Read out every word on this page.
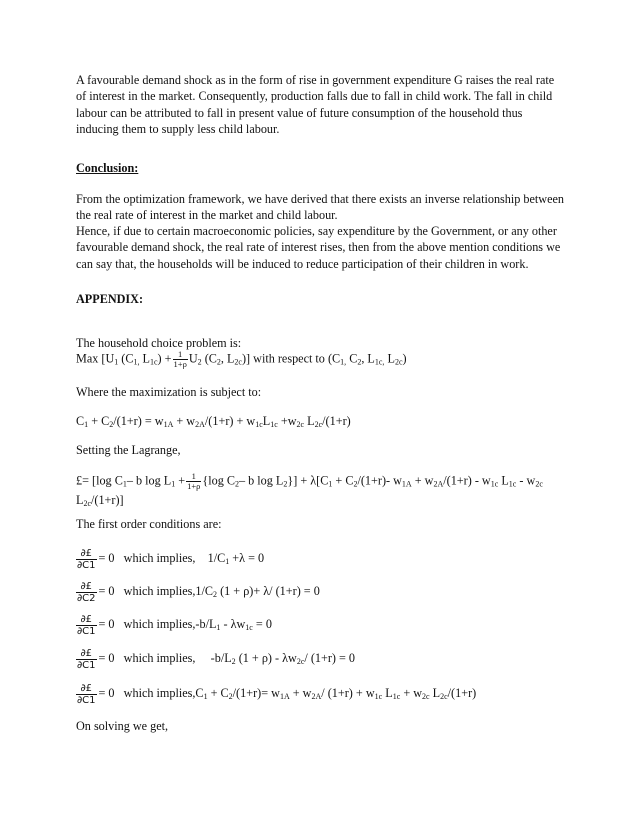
A favourable demand shock as in the form of rise in government expenditure G raises the real rate of interest in the market. Consequently, production falls due to fall in child work. The fall in child labour can be attributed to fall in present value of future consumption of the household thus inducing them to supply less child labour.
Conclusion:
From the optimization framework, we have derived that there exists an inverse relationship between the real rate of interest in the market and child labour.
Hence, if due to certain macroeconomic policies, say expenditure by the Government, or any other favourable demand shock, the real rate of interest rises, then from the above mention conditions we can say that, the households will be induced to reduce participation of their children in work.
APPENDIX:
The household choice problem is:
Max [$U_1$ ($C_{1,}$ $L_{1c}) + \frac{1}{1+\rho} U_2$ ($C_2$, $L_{2c}$)] with respect to ($C_{1,}$ $C_2$, $L_{1c,}$ $L_{2c}$)
Where the maximization is subject to:
$C_1 + C_2/(1+r) = w_{1A} + w_{2A}/(1+r) + w_{1c}L_{1c} +w_{2c}$ $L_{2c}/(1+r)$
Setting the Lagrange,
£= [log $C_1-$ b $\log L_1 + \frac{1}{1+\rho} \{\log$ $C_2-$ b $\log L_2\}] + \lambda[C_1 + C_2/(1+r)-$ $w_{1A} + w_{2A}/(1+r) - w_{1c}$ $L_{1c} - w_{2c}$
$L_{2c}/(1+r)$]
The first order conditions are:
$\frac{\partial£}{\partial C1} = 0$   which implies,    $1/C_1 +\lambda = 0$
$\frac{\partial£}{\partial C2} = 0$   which $implies,1/C_2$ (1 + ρ)+ λ/ (1+r) = 0
$\frac{\partial£}{\partial C1} = 0$   which $implies,-b/L_1 - \lambda w_{1c} = 0$
$\frac{\partial£}{\partial C1} = 0$   which implies,     $-b/L_2$ $(1 + \rho) - \lambda w_{2c}/$ (1+r) = 0
$\frac{\partial£}{\partial C1} = 0$   which $implies,C_1 + C_2/(1+r)= w_{1A} + w_{2A}/$ $(1+r) + w_{1c}$ $L_{1c} + w_{2c}$ $L_{2c}/(1+r)$
On solving we get,
